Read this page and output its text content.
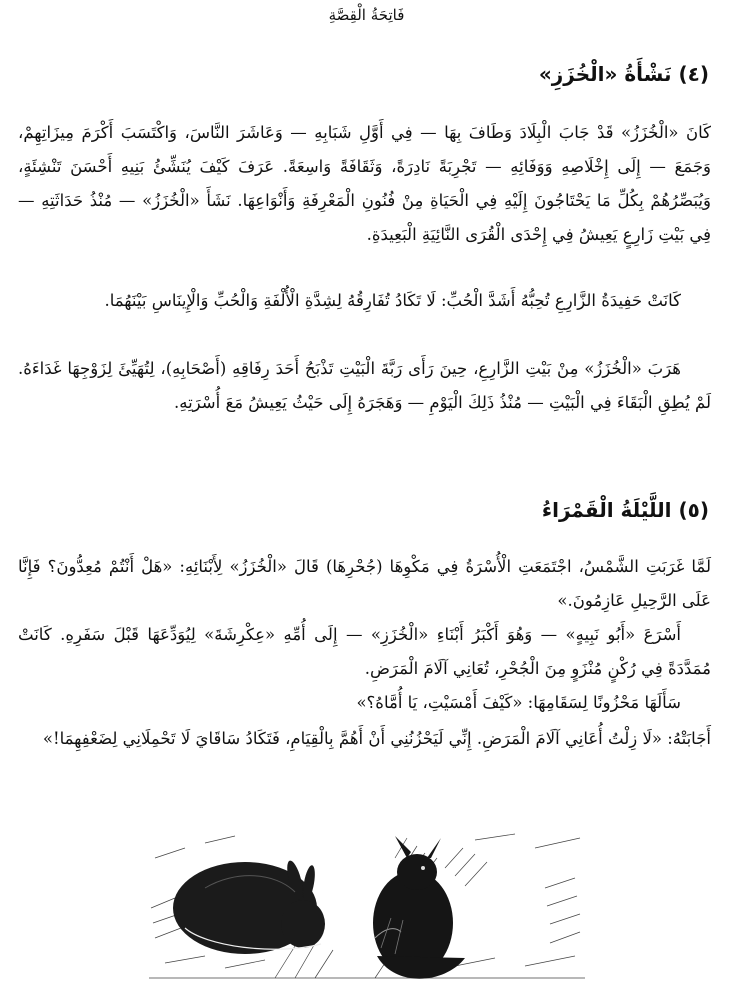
فَاتِحَةُ الْقِصَّةِ
(٤) نَشْأَةُ «الْخُزَزِ»
كَانَ «الْخُزَزُ» قَدْ جَابَ الْبِلَادَ وَطَافَ بِهَا — فِي أَوَّلِ شَبَابِهِ — وَعَاشَرَ النَّاسَ، وَاكْتَسَبَ أَكْرَمَ مِيزَاتِهِمْ، وَجَمَعَ — إِلَى إِخْلَاصِهِ وَوَفَائِهِ — تَجْرِبَةً نَادِرَةً، وَثَقَافَةً وَاسِعَةً. عَرَفَ كَيْفَ يُنَشِّئُ بَنِيهِ أَحْسَنَ تَنْشِئَةٍ، وَيُبَصِّرُهُمْ بِكُلِّ مَا يَحْتَاجُونَ إِلَيْهِ فِي الْحَيَاةِ مِنْ فُنُونِ الْمَعْرِفَةِ وَأَنْوَاعِهَا. نَشَأَ «الْخُزَزُ» — مُنْذُ حَدَاثَتِهِ — فِي بَيْتِ زَارِعٍ يَعِيشُ فِي إِحْدَى الْقُرَى النَّائِيَةِ الْبَعِيدَةِ.
كَانَتْ حَفِيدَةُ الزَّارِعِ تُحِبُّهُ أَشَدَّ الْحُبِّ: لَا تَكَادُ تُفَارِقُهُ لِشِدَّةِ الْأُلْفَةِ وَالْحُبِّ وَالْإِينَاسِ بَيْنَهُمَا.
هَرَبَ «الْخُزَزُ» مِنْ بَيْتِ الزَّارِعِ، حِينَ رَأَى رَبَّةَ الْبَيْتِ تَذْبَحُ أَحَدَ رِفَاقِهِ (أَصْحَابِهِ)، لِتُهَيِّئَ لِزَوْجِهَا غَدَاءَهُ. لَمْ يُطِقِ الْبَقَاءَ فِي الْبَيْتِ — مُنْذُ ذَلِكَ الْيَوْمِ — وَهَجَرَهُ إِلَى حَيْثُ يَعِيشُ مَعَ أُسْرَتِهِ.
(٥) اللَّيْلَةُ الْقَمْرَاءُ
لَمَّا غَرَبَتِ الشَّمْسُ، اجْتَمَعَتِ الْأُسْرَةُ فِي مَكْوِهَا (جُحْرِهَا) قَالَ «الْخُزَزُ» لِأَبْنَائِهِ: «هَلْ أَنْتُمْ مُعِدُّونَ؟ فَإِنَّا عَلَى الرَّحِيلِ عَازِمُونَ.»
أَسْرَعَ «أَبُو نَبِيهٍ» — وَهُوَ أَكْبَرُ أَبْنَاءِ «الْخُزَزِ» — إِلَى أُمِّهِ «عِكْرِشَةَ» لِيُوَدِّعَهَا قَبْلَ سَفَرِهِ. كَانَتْ مُمَدَّدَةً فِي رُكْنٍ مُنْزَوٍ مِنَ الْجُحْرِ، تُعَانِي آلَامَ الْمَرَضِ.
سَأَلَهَا مَحْزُونًا لِسَقَامِهَا: «كَيْفَ أَمْسَيْتِ، يَا أُمَّاهُ؟»
أَجَابَتْهُ: «لَا زِلْتُ أُعَانِي آلَامَ الْمَرَضِ. إِنِّي لَيَحْزُنُنِي أَنْ أَهُمَّ بِالْقِيَامِ، فَتَكَادُ سَاقَايَ لَا تَحْمِلَانِي لِضَعْفِهِمَا!»
